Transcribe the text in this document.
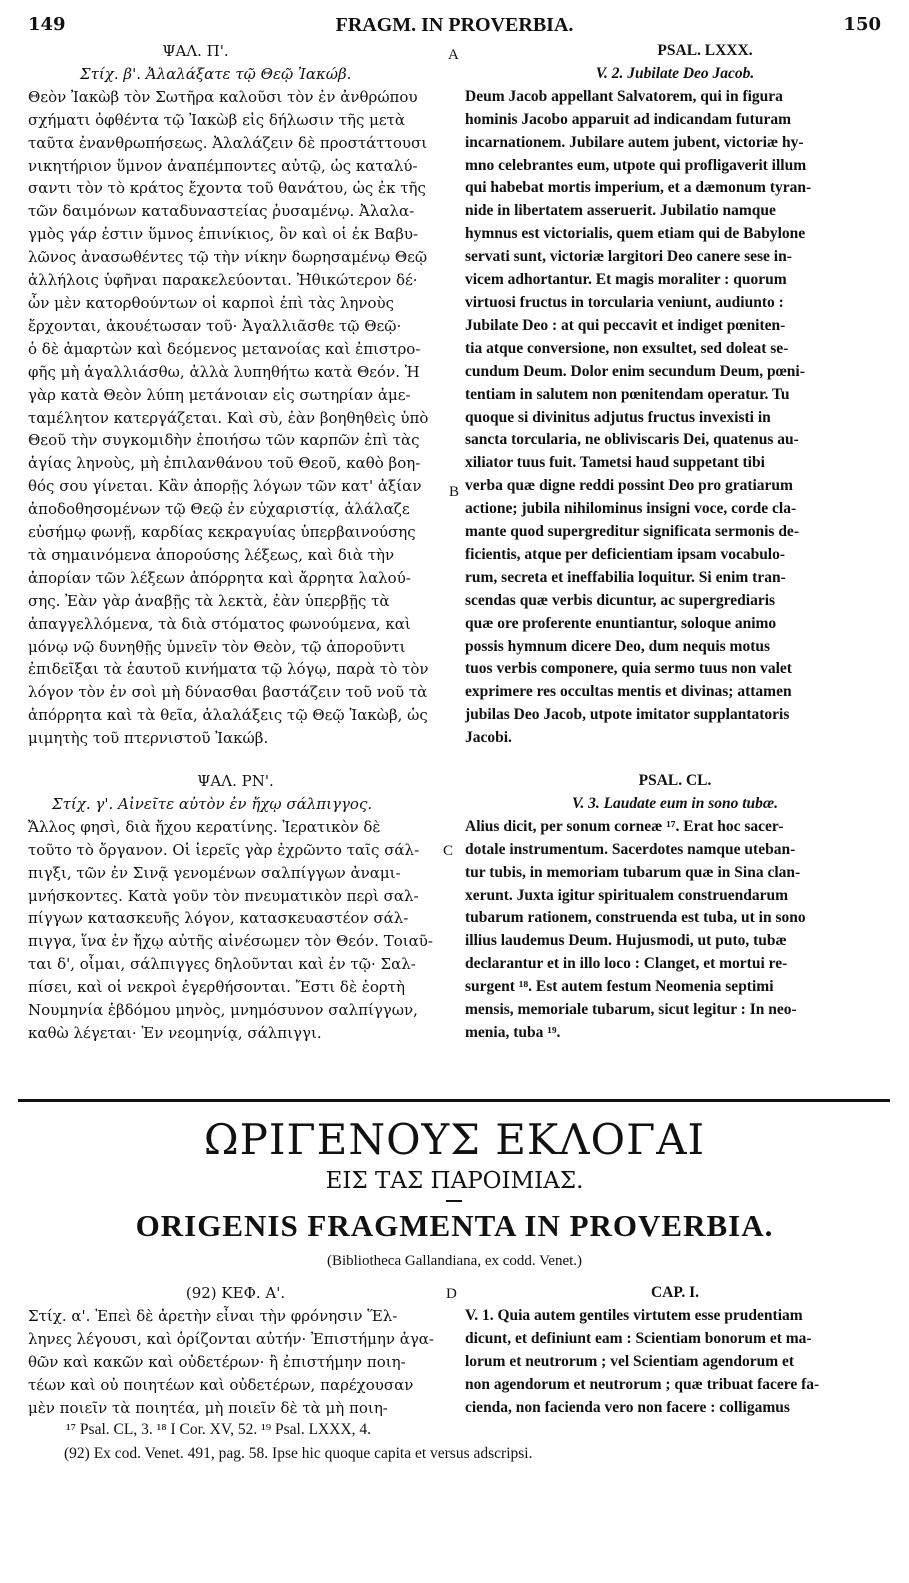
149	FRAGM. IN PROVERBIA.	150
A
B
C
D

ΨΑΛ. Π'.

Στίχ. β'. Ἀλαλάξατε τῷ Θεῷ Ἰακώβ.

Θεὸν Ἰακὼβ τὸν Σωτῆρα καλοῦσι τὸν ἐν ἀνθρώπου

σχήματι ὀφθέντα τῷ Ἰακὼβ εἰς δήλωσιν τῆς μετὰ

ταῦτα ἐνανθρωπήσεως. Ἀλαλάζειν δὲ προστάττουσι

νικητήριον ὕμνον ἀναπέμποντες αὐτῷ, ὡς καταλύ-

σαντι τὸν τὸ κράτος ἔχοντα τοῦ θανάτου, ὡς ἐκ τῆς

τῶν δαιμόνων καταδυναστείας ῥυσαμένῳ. Ἀλαλα-

γμὸς γάρ ἐστιν ὕμνος ἐπινίκιος, ὃν καὶ οἱ ἐκ Βαβυ-

λῶνος ἀνασωθέντες τῷ τὴν νίκην δωρησαμένῳ Θεῷ

ἀλλήλοις ὑφῆναι παρακελεύονται. Ἠθικώτερον δέ·

ὧν μὲν κατορθούντων οἱ καρποὶ ἐπὶ τὰς ληνοὺς

ἔρχονται, ἀκουέτωσαν τοῦ· Ἀγαλλιᾶσθε τῷ Θεῷ·

ὁ δὲ ἁμαρτὼν καὶ δεόμενος μετανοίας καὶ ἐπιστρο-

φῆς μὴ ἀγαλλιάσθω, ἀλλὰ λυπηθήτω κατὰ Θεόν. Ἡ

γὰρ κατὰ Θεὸν λύπη μετάνοιαν εἰς σωτηρίαν ἀμε-

ταμέλητον κατεργάζεται. Καὶ σὺ, ἐὰν βοηθηθεὶς ὑπὸ

Θεοῦ τὴν συγκομιδὴν ἐποιήσω τῶν καρπῶν ἐπὶ τὰς

ἁγίας ληνοὺς, μὴ ἐπιλανθάνου τοῦ Θεοῦ, καθὸ βοη-

θός σου γίνεται. Κἂν ἀπορῇς λόγων τῶν κατ' ἀξίαν

ἀποδοθησομένων τῷ Θεῷ ἐν εὐχαριστίᾳ, ἀλάλαζε

εὐσήμῳ φωνῇ, καρδίας κεκραγυίας ὑπερβαινούσης

τὰ σημαινόμενα ἀπορούσης λέξεως, καὶ διὰ τὴν

ἀπορίαν τῶν λέξεων ἀπόρρητα καὶ ἄρρητα λαλού-

σης. Ἐὰν γὰρ ἀναβῇς τὰ λεκτὰ, ἐὰν ὑπερβῇς τὰ

ἀπαγγελλόμενα, τὰ διὰ στόματος φωνούμενα, καὶ

μόνῳ νῷ δυνηθῇς ὑμνεῖν τὸν Θεὸν, τῷ ἀποροῦντι

ἐπιδεῖξαι τὰ ἑαυτοῦ κινήματα τῷ λόγῳ, παρὰ τὸ τὸν

λόγον τὸν ἐν σοὶ μὴ δύνασθαι βαστάζειν τοῦ νοῦ τὰ

ἀπόρρητα καὶ τὰ θεῖα, ἀλαλάξεις τῷ Θεῷ Ἰακὼβ, ὡς

μιμητὴς τοῦ πτερνιστοῦ Ἰακώβ.

ΨΑΛ. ΡΝ'.

Στίχ. γ'. Αἰνεῖτε αὐτὸν ἐν ἤχῳ σάλπιγγος.

Ἄλλος φησὶ, διὰ ἤχου κερατίνης. Ἱερατικὸν δὲ

τοῦτο τὸ ὄργανον. Οἱ ἱερεῖς γὰρ ἐχρῶντο ταῖς σάλ-

πιγξι, τῶν ἐν Σινᾷ γενομένων σαλπίγγων ἀναμι-

μνήσκοντες. Κατὰ γοῦν τὸν πνευματικὸν περὶ σαλ-

πίγγων κατασκευῆς λόγον, κατασκευαστέον σάλ-

πιγγα, ἵνα ἐν ἤχῳ αὐτῆς αἰνέσωμεν τὸν Θεόν. Τοιαῦ-

ται δ', οἶμαι, σάλπιγγες δηλοῦνται καὶ ἐν τῷ· Σαλ-

πίσει, καὶ οἱ νεκροὶ ἐγερθήσονται. Ἔστι δὲ ἑορτὴ

Νουμηνία ἑβδόμου μηνὸς, μνημόσυνον σαλπίγγων,

καθὼ λέγεται· Ἐν νεομηνίᾳ, σάλπιγγι.

PSAL. LXXX.

V. 2. Jubilate Deo Jacob.

Deum Jacob appellant Salvatorem, qui in figura

hominis Jacobo apparuit ad indicandam futuram

incarnationem. Jubilare autem jubent, victoriæ hy-

mno celebrantes eum, utpote qui profligaverit illum

qui habebat mortis imperium, et a dæmonum tyran-

nide in libertatem asseruerit. Jubilatio namque

hymnus est victorialis, quem etiam qui de Babylone

servati sunt, victoriæ largitori Deo canere sese in-

vicem adhortantur. Et magis moraliter : quorum

virtuosi fructus in torcularia veniunt, audiunto :

Jubilate Deo : at qui peccavit et indiget pœniten-

tia atque conversione, non exsultet, sed doleat se-

cundum Deum. Dolor enim secundum Deum, pœni-

tentiam in salutem non pœnitendam operatur. Tu

quoque si divinitus adjutus fructus invexisti in

sancta torcularia, ne obliviscaris Dei, quatenus au-

xiliator tuus fuit. Tametsi haud suppetant tibi

verba quæ digne reddi possint Deo pro gratiarum

actione; jubila nihilominus insigni voce, corde cla-

mante quod supergreditur significata sermonis de-

ficientis, atque per deficientiam ipsam vocabulo-

rum, secreta et ineffabilia loquitur. Si enim tran-

scendas quæ verbis dicuntur, ac supergrediaris

quæ ore proferente enuntiantur, soloque animo

possis hymnum dicere Deo, dum nequis motus

tuos verbis componere, quia sermo tuus non valet

exprimere res occultas mentis et divinas; attamen

jubilas Deo Jacob, utpote imitator supplantatoris

Jacobi.

PSAL. CL.

V. 3. Laudate eum in sono tubæ.

Alius dicit, per sonum corneæ ¹⁷. Erat hoc sacer-

dotale instrumentum. Sacerdotes namque uteban-

tur tubis, in memoriam tubarum quæ in Sina clan-

xerunt. Juxta igitur spiritualem construendarum

tubarum rationem, construenda est tuba, ut in sono

illius laudemus Deum. Hujusmodi, ut puto, tubæ

declarantur et in illo loco : Clanget, et mortui re-

surgent ¹⁸. Est autem festum Neomenia septimi

mensis, memoriale tubarum, sicut legitur : In neo-

menia, tuba ¹⁹.

ΩΡΙΓΕΝΟΥΣ ΕΚΛΟΓΑΙ
ΕΙΣ ΤΑΣ ΠΑΡΟΙΜΙΑΣ.
ORIGENIS FRAGMENTA IN PROVERBIA.
(Bibliotheca Gallandiana, ex codd. Venet.)

(92) ΚΕΦ. Α'.

Στίχ. α'. Ἐπεὶ δὲ ἀρετὴν εἶναι τὴν φρόνησιν Ἕλ-

ληνες λέγουσι, καὶ ὁρίζονται αὐτήν· Ἐπιστήμην ἀγα-

θῶν καὶ κακῶν καὶ οὐδετέρων· ἢ ἐπιστήμην ποιη-

τέων καὶ οὐ ποιητέων καὶ οὐδετέρων, παρέχουσαν

μὲν ποιεῖν τὰ ποιητέα, μὴ ποιεῖν δὲ τὰ μὴ ποιη-

CAP. I.

V. 1. Quia autem gentiles virtutem esse prudentiam

dicunt, et definiunt eam : Scientiam bonorum et ma-

lorum et neutrorum ; vel Scientiam agendorum et

non agendorum et neutrorum ; quæ tribuat facere fa-

cienda, non facienda vero non facere : colligamus

¹⁷ Psal. CL, 3. ¹⁸ I Cor. XV, 52. ¹⁹ Psal. LXXX, 4.
(92) Ex cod. Venet. 491, pag. 58. Ipse hic quoque capita et versus adscripsi.
